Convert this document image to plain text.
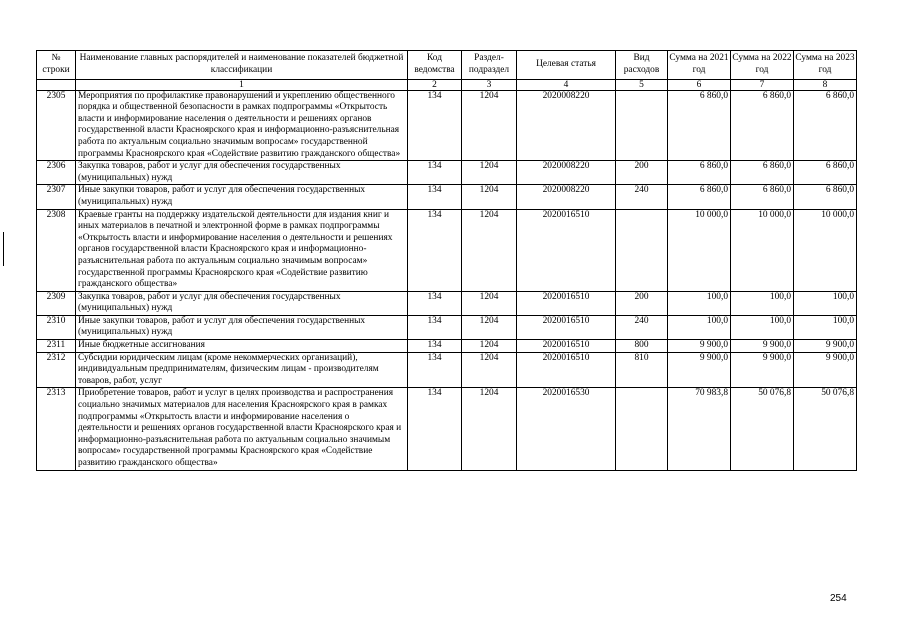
№ строки	Наименование главных распорядителей и наименование показателей бюджетной классификации	Код ведомства	Раздел-подраздел	Целевая статья	Вид расходов	Сумма на 2021 год	Сумма на 2022 год	Сумма на 2023 год
	1	2	3	4	5	6	7	8
2305	Мероприятия по профилактике правонарушений и укреплению общественного порядка и общественной безопасности в рамках подпрограммы «Открытость власти и информирование населения о деятельности и решениях органов государственной власти Красноярского края и информационно-разъяснительная работа по актуальным социально значимым вопросам» государственной программы Красноярского края «Содействие развитию гражданского общества»	134	1204	2020008220		6 860,0	6 860,0	6 860,0
2306	Закупка товаров, работ и услуг для обеспечения государственных (муниципальных) нужд	134	1204	2020008220	200	6 860,0	6 860,0	6 860,0
2307	Иные закупки товаров, работ и услуг для обеспечения государственных (муниципальных) нужд	134	1204	2020008220	240	6 860,0	6 860,0	6 860,0
2308	Краевые гранты на поддержку издательской деятельности для издания книг и иных материалов в печатной и электронной форме в рамках подпрограммы «Открытость власти и информирование населения о деятельности и решениях органов государственной власти Красноярского края и информационно-разъяснительная работа по актуальным социально значимым вопросам» государственной программы Красноярского края «Содействие развитию гражданского общества»	134	1204	2020016510		10 000,0	10 000,0	10 000,0
2309	Закупка товаров, работ и услуг для обеспечения государственных (муниципальных) нужд	134	1204	2020016510	200	100,0	100,0	100,0
2310	Иные закупки товаров, работ и услуг для обеспечения государственных (муниципальных) нужд	134	1204	2020016510	240	100,0	100,0	100,0
2311	Иные бюджетные ассигнования	134	1204	2020016510	800	9 900,0	9 900,0	9 900,0
2312	Субсидии юридическим лицам (кроме некоммерческих организаций), индивидуальным предпринимателям, физическим лицам - производителям товаров, работ, услуг	134	1204	2020016510	810	9 900,0	9 900,0	9 900,0
2313	Приобретение товаров, работ и услуг в целях производства и распространения социально значимых материалов для населения Красноярского края в рамках подпрограммы «Открытость власти и информирование населения о деятельности и решениях органов государственной власти Красноярского края и информационно-разъяснительная работа по актуальным социально значимым вопросам» государственной программы Красноярского края «Содействие развитию гражданского общества»	134	1204	2020016530		70 983,8	50 076,8	50 076,8
254
